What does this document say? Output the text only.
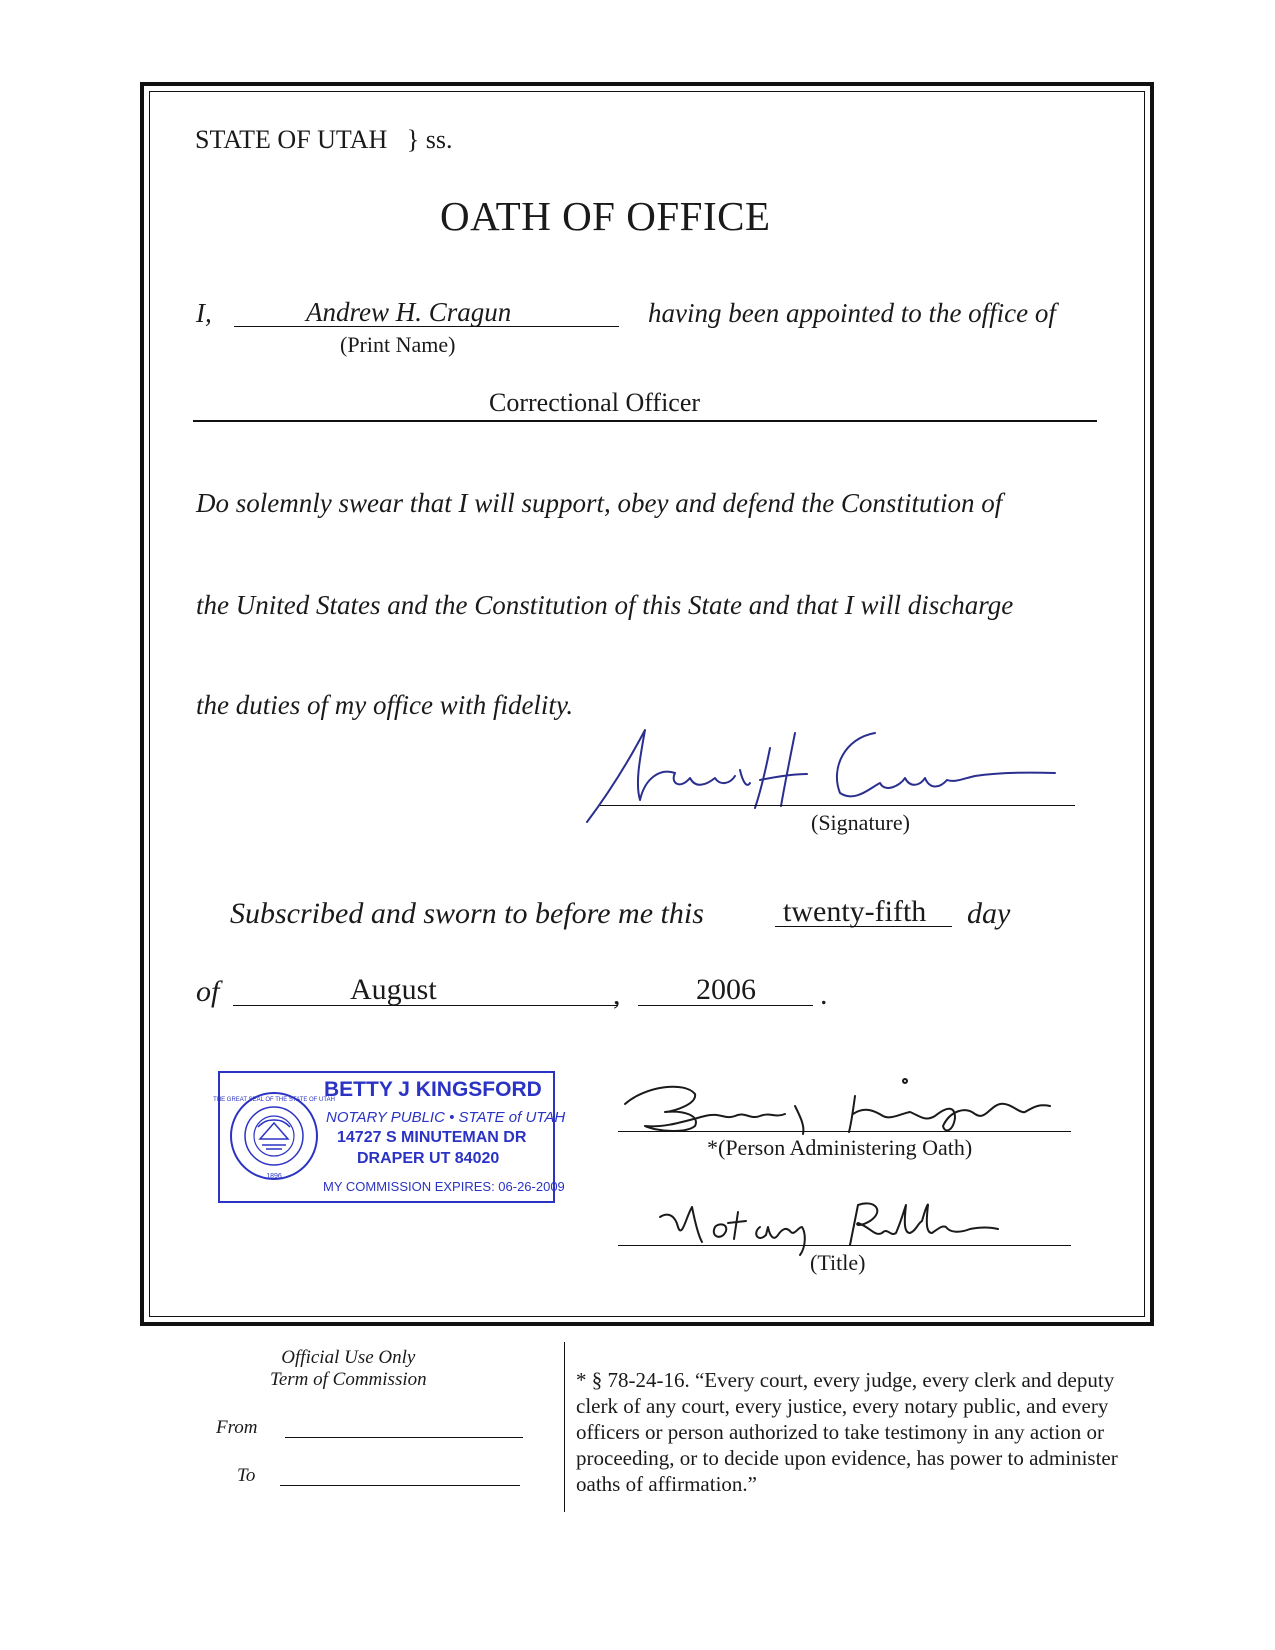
STATE OF UTAH } ss.
OATH OF OFFICE
I,	Andrew H. Cragun
(Print Name)
having been appointed to the office of
Correctional Officer
Do solemnly swear that I will support, obey and defend the Constitution of
the United States and the Constitution of this State and that I will discharge
the duties of my office with fidelity.
(Signature)
Subscribed and sworn to before me this	twenty-fifth day
of	August	,	2006 .
1896
THE GREAT SEAL OF THE STATE OF UTAH
BETTY J KINGSFORD
NOTARY PUBLIC • STATE of UTAH
14727 S MINUTEMAN DR
DRAPER UT 84020
MY COMMISSION EXPIRES: 06-26-2009
*(Person Administering Oath)
(Title)
Official Use Only
Term of Commission
From
To
* § 78-24-16. “Every court, every judge, every clerk and deputy clerk of any court, every justice, every notary public, and every officers or person authorized to take testimony in any action or proceeding, or to decide upon evidence, has power to administer oaths of affirmation.”
